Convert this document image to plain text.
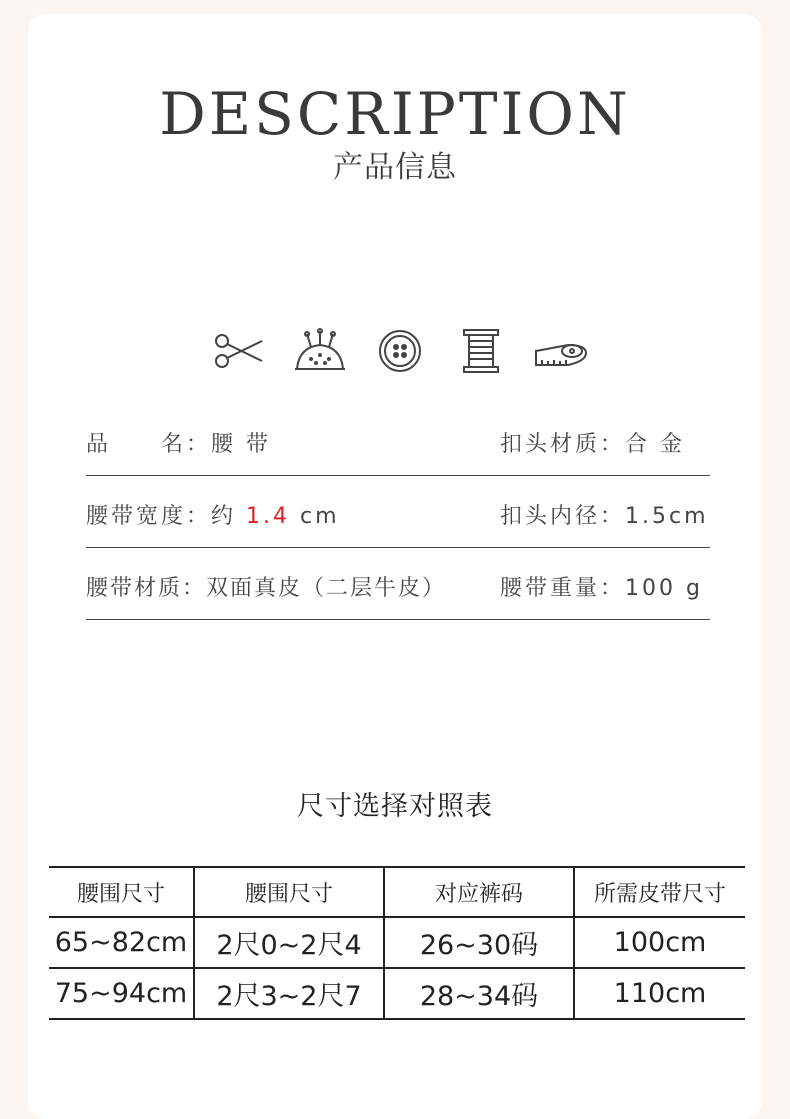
DESCRIPTION
产品信息
品　　名：腰 带	扣头材质：合 金
腰带宽度：约 1.4 cm	扣头内径：1.5cm
腰带材质：双面真皮（二层牛皮） 腰带重量：100 g
尺寸选择对照表
腰围尺寸	腰围尺寸	对应裤码	所需皮带尺寸
65~82cm	2尺0~2尺4	26~30码	100cm
75~94cm	2尺3~2尺7	28~34码	110cm
